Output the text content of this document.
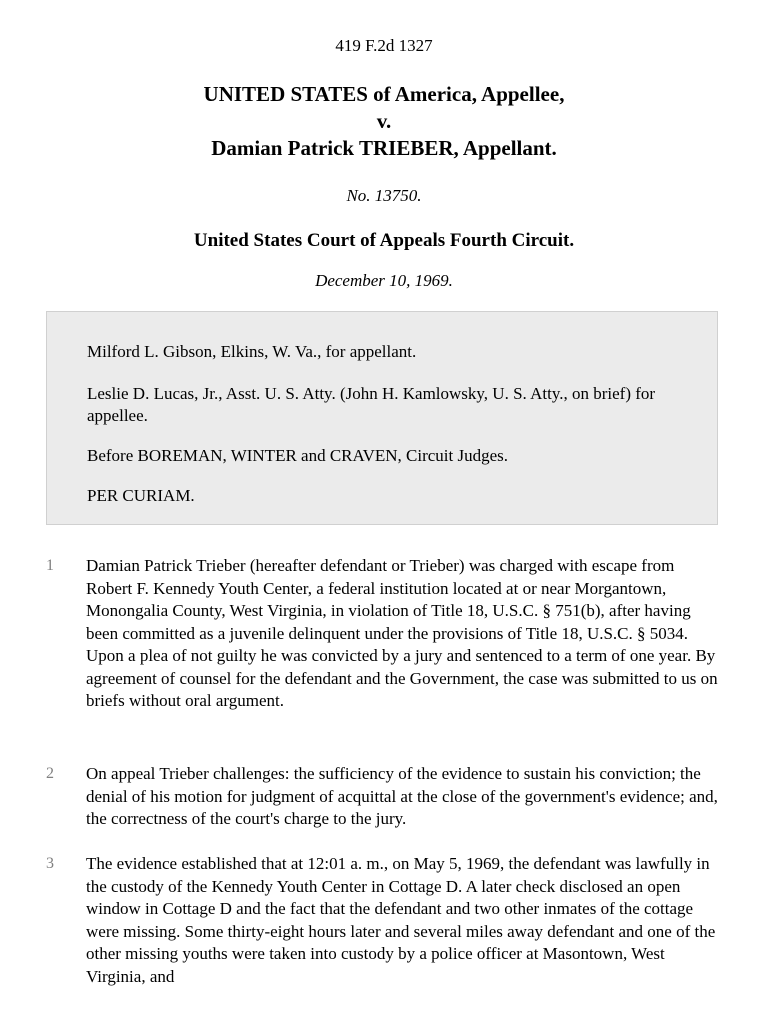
419 F.2d 1327
UNITED STATES of America, Appellee,
v.
Damian Patrick TRIEBER, Appellant.
No. 13750.
United States Court of Appeals Fourth Circuit.
December 10, 1969.

Milford L. Gibson, Elkins, W. Va., for appellant.

Leslie D. Lucas, Jr., Asst. U. S. Atty. (John H. Kamlowsky, U. S. Atty., on brief) for appellee.

Before BOREMAN, WINTER and CRAVEN, Circuit Judges.

PER CURIAM.

1 Damian Patrick Trieber (hereafter defendant or Trieber) was charged with escape from Robert F. Kennedy Youth Center, a federal institution located at or near Morgantown, Monongalia County, West Virginia, in violation of Title 18, U.S.C. § 751(b), after having been committed as a juvenile delinquent under the provisions of Title 18, U.S.C. § 5034. Upon a plea of not guilty he was convicted by a jury and sentenced to a term of one year. By agreement of counsel for the defendant and the Government, the case was submitted to us on briefs without oral argument.

2 On appeal Trieber challenges: the sufficiency of the evidence to sustain his conviction; the denial of his motion for judgment of acquittal at the close of the government's evidence; and, the correctness of the court's charge to the jury.

3 The evidence established that at 12:01 a. m., on May 5, 1969, the defendant was lawfully in the custody of the Kennedy Youth Center in Cottage D. A later check disclosed an open window in Cottage D and the fact that the defendant and two other inmates of the cottage were missing. Some thirty-eight hours later and several miles away defendant and one of the other missing youths were taken into custody by a police officer at Masontown, West Virginia, and
